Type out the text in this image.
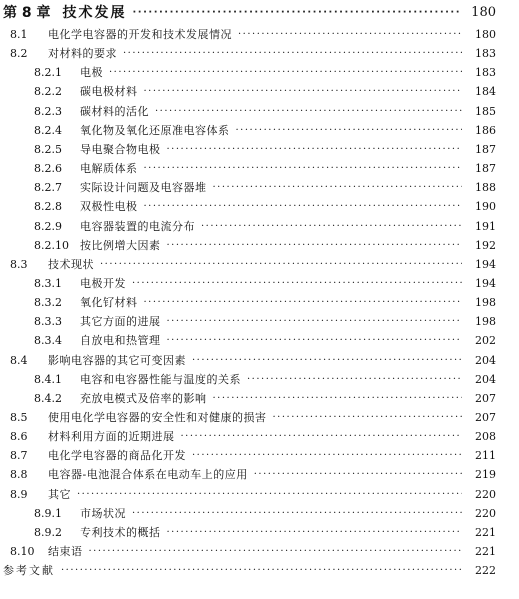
第 8 章 技术发展 ·····	180
8.1	电化学电容器的开发和技术发展情况 ·····	180
8.2	对材料的要求 ·····	183
8.2.1	电极 ·····	183
8.2.2	碳电极材料 ·····	184
8.2.3	碳材料的活化 ·····	185
8.2.4	氧化物及氧化还原准电容体系 ·····	186
8.2.5	导电聚合物电极 ·····	187
8.2.6	电解质体系 ·····	187
8.2.7	实际设计问题及电容器堆 ·····	188
8.2.8	双极性电极 ·····	190
8.2.9	电容器装置的电流分布 ·····	191
8.2.10	按比例增大因素 ·····	192
8.3	技术现状 ·····	194
8.3.1	电极开发 ·····	194
8.3.2	氧化钌材料 ·····	198
8.3.3	其它方面的进展 ·····	198
8.3.4	自放电和热管理 ·····	202
8.4	影响电容器的其它可变因素 ·····	204
8.4.1	电容和电容器性能与温度的关系 ·····	204
8.4.2	充放电模式及倍率的影响 ·····	207
8.5	使用电化学电容器的安全性和对健康的损害 ·····	207
8.6	材料利用方面的近期进展 ·····	208
8.7	电化学电容器的商品化开发 ·····	211
8.8	电容器-电池混合体系在电动车上的应用 ·····	219
8.9	其它 ·····	220
8.9.1	市场状况 ·····	220
8.9.2	专利技术的概括 ·····	221
8.10	结束语 ·····	221
参考文献 ·····	222
